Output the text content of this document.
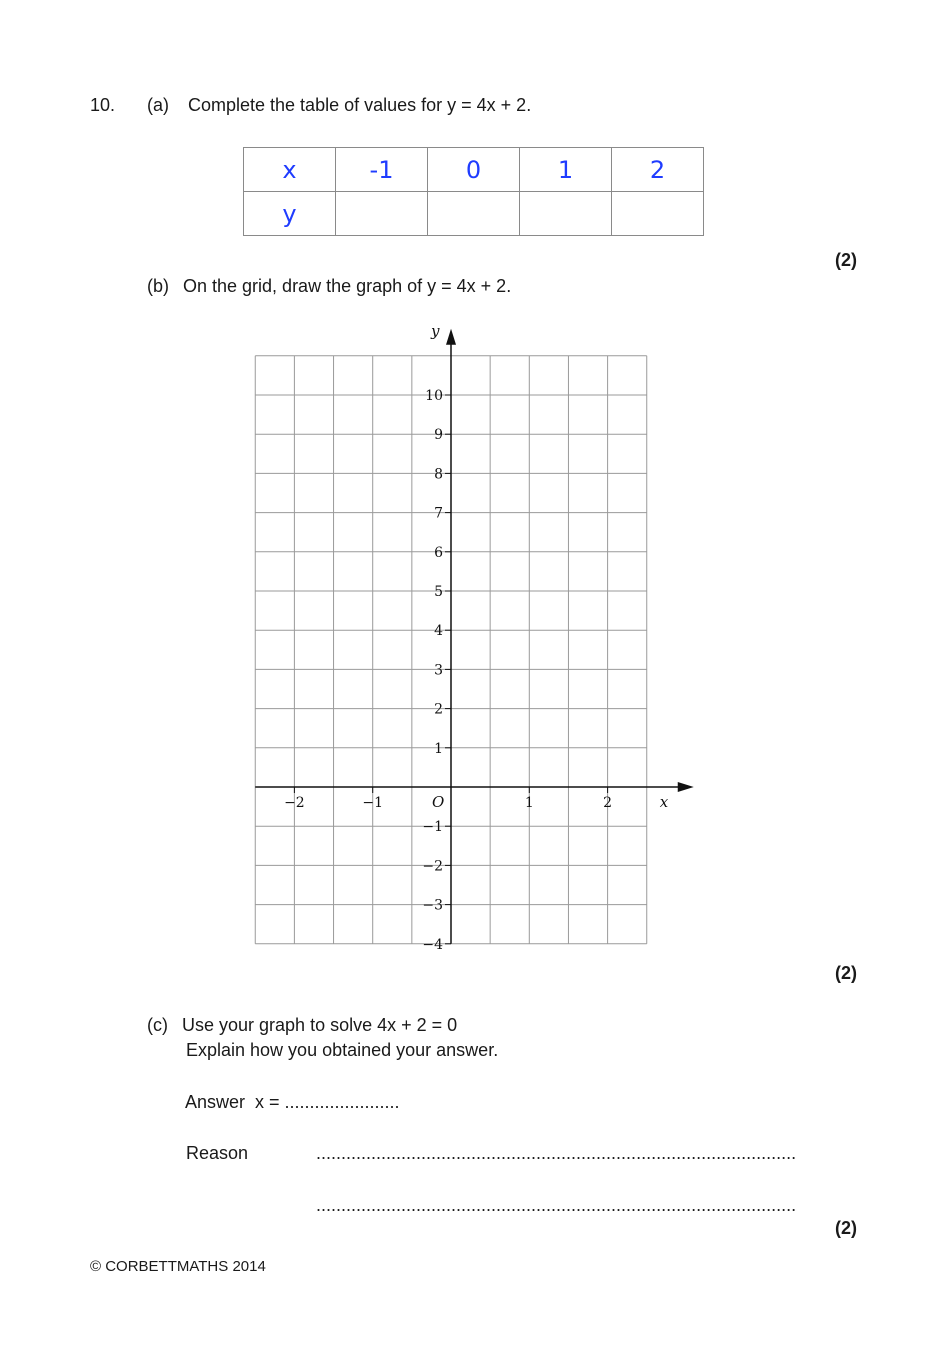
10. (a) Complete the table of values for y = 4x + 2.
x	-1	0	1	2
y				
(2)
(b) On the grid, draw the graph of y = 4x + 2.
x
y
O
−2	−1	1	2
10
9
8
7
6
5
4
3
2
1
−1
−2
−3
−4
(2)
(c) Use your graph to solve 4x + 2 = 0
Explain how you obtained your answer.
Answer  x = .......................
Reason	................................................................................................
................................................................................................
(2)
© CORBETTMATHS 2014
